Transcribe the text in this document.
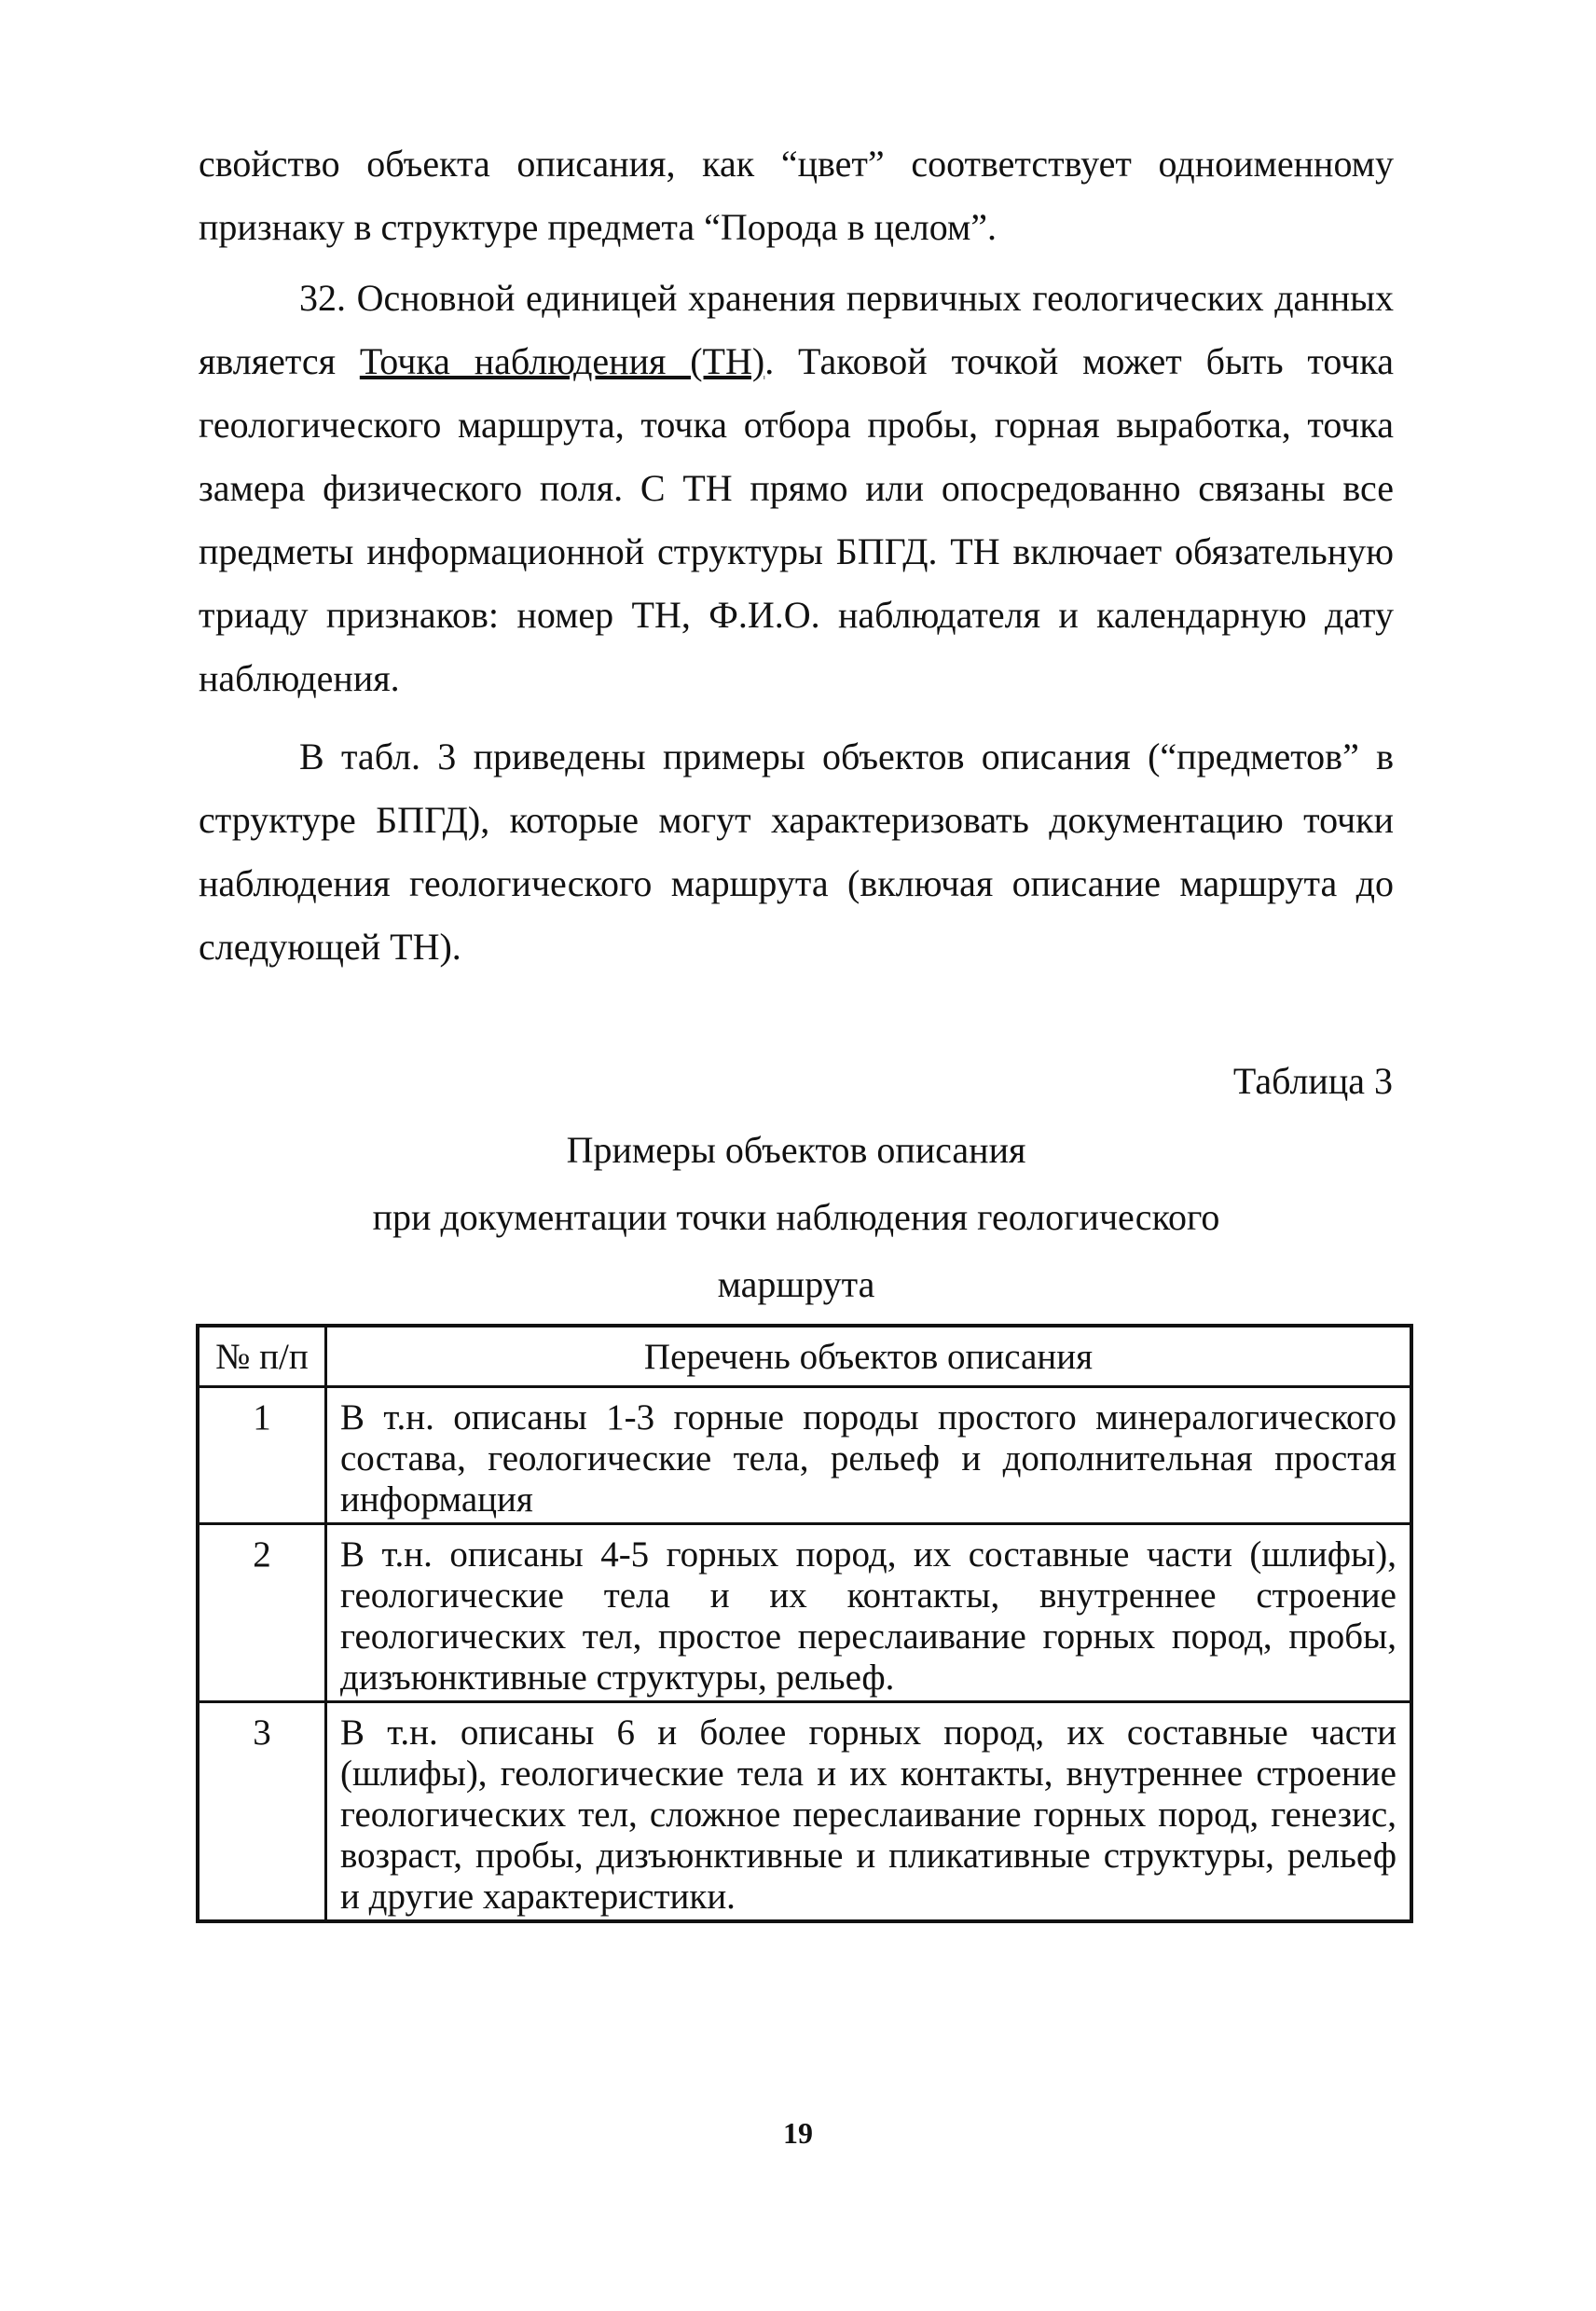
свойство объекта описания, как “цвет” соответствует одноименному признаку в структуре предмета “Порода в целом”.

32. Основной единицей хранения первичных геологических данных является Точка наблюдения (ТН). Таковой точкой может быть точка геологического маршрута, точка отбора пробы, горная выработка, точка замера физического поля. С ТН прямо или опосредованно связаны все предметы информационной структуры БПГД. ТН включает обязательную триаду признаков: номер ТН, Ф.И.О. наблюдателя и календарную дату наблюдения.

В табл. 3 приведены примеры объектов описания (“предметов” в структуре БПГД), которые могут характеризовать документацию точки наблюдения геологического маршрута (включая описание маршрута до следующей ТН).

Таблица 3
Примеры объектов описания
при документации точки наблюдения геологического
маршрута
№ п/п	Перечень объектов описания
1	В т.н. описаны 1-3 горные породы простого минералогического состава, геологические тела, рельеф и дополнительная простая информация
2	В т.н. описаны 4-5 горных пород, их составные части (шлифы), геологические тела и их контакты, внутреннее строение геологических тел, простое переслаивание горных пород, пробы, дизъюнктивные структуры, рельеф.
3	В т.н. описаны 6 и более горных пород, их составные части (шлифы), геологические тела и их контакты, внутреннее строение геологических тел, сложное переслаивание горных пород, генезис, возраст, пробы, дизъюнктивные и пликативные структуры, рельеф и другие характеристики.
19
